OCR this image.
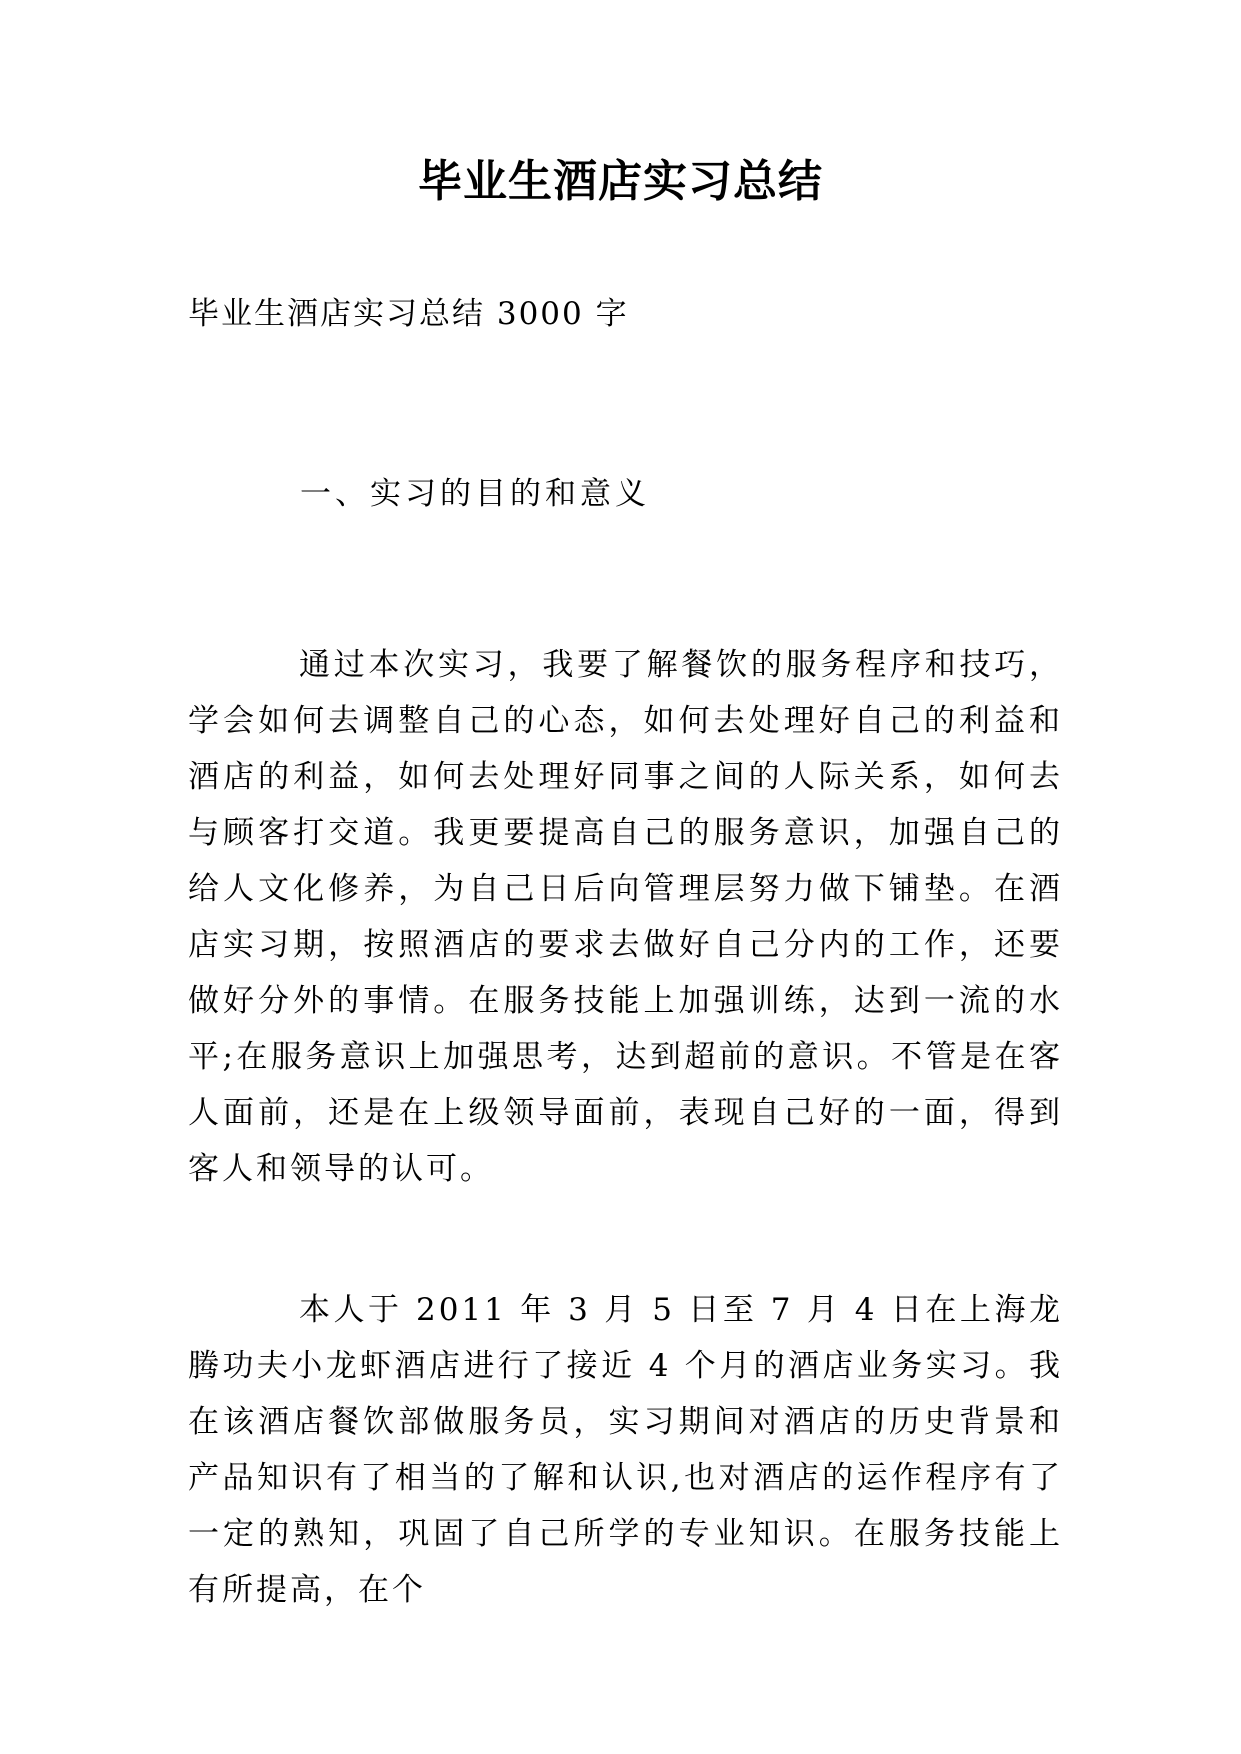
毕业生酒店实习总结
毕业生酒店实习总结 3000 字
一、实习的目的和意义

通过本次实习，我要了解餐饮的服务程序和技巧，学会如何去调整自己的心态，如何去处理好自己的利益和酒店的利益，如何去处理好同事之间的人际关系，如何去与顾客打交道。我更要提高自己的服务意识，加强自己的给人文化修养，为自己日后向管理层努力做下铺垫。在酒店实习期，按照酒店的要求去做好自己分内的工作，还要做好分外的事情。在服务技能上加强训练，达到一流的水平;在服务意识上加强思考，达到超前的意识。不管是在客人面前，还是在上级领导面前，表现自己好的一面，得到客人和领导的认可。

本人于 2011 年 3 月 5 日至 7 月 4 日在上海龙腾功夫小龙虾酒店进行了接近 4 个月的酒店业务实习。我在该酒店餐饮部做服务员，实习期间对酒店的历史背景和产品知识有了相当的了解和认识,也对酒店的运作程序有了一定的熟知，巩固了自己所学的专业知识。在服务技能上有所提高，在个
